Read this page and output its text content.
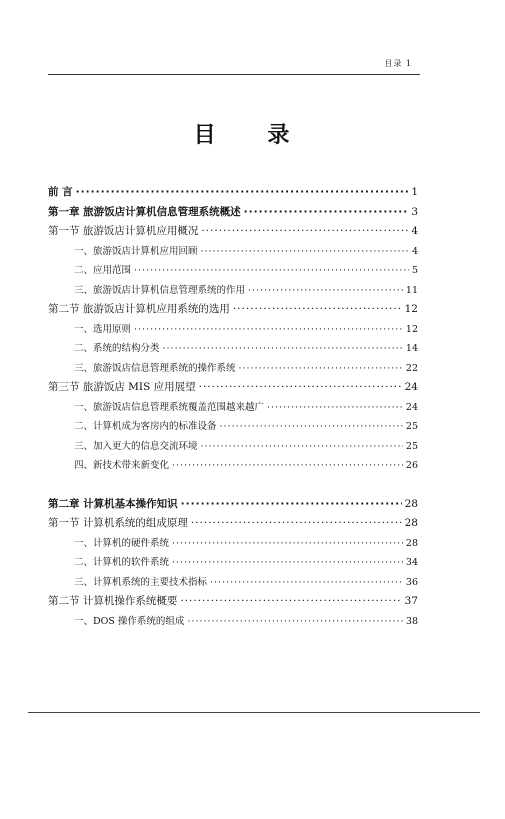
目录 1
目 录
前 言 ·····	1
第一章 旅游饭店计算机信息管理系统概述 ·····	3
第一节 旅游饭店计算机应用概况 ·····	4
一、旅游饭店计算机应用回顾 ·····	4
二、应用范围 ·····	5
三、旅游饭店计算机信息管理系统的作用 ·····	11
第二节 旅游饭店计算机应用系统的选用 ·····	12
一、选用原则 ·····	12
二、系统的结构分类 ·····	14
三、旅游饭店信息管理系统的操作系统 ·····	22
第三节 旅游饭店 MIS 应用展望 ·····	24
一、旅游饭店信息管理系统覆盖范围越来越广 ·····	24
二、计算机成为客房内的标准设备 ·····	25
三、加入更大的信息交流环境 ·····	25
四、新技术带来新变化 ·····	26
第二章 计算机基本操作知识 ·····	28
第一节 计算机系统的组成原理 ·····	28
一、计算机的硬件系统 ·····	28
二、计算机的软件系统 ·····	34
三、计算机系统的主要技术指标 ·····	36
第二节 计算机操作系统概要 ·····	37
一、DOS 操作系统的组成 ·····	38
